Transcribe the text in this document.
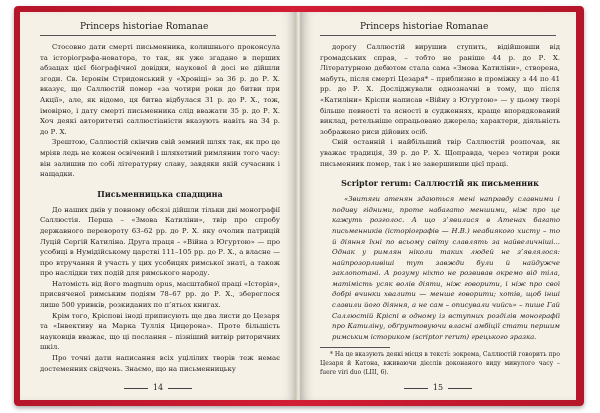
Princeps historiae Romanae

Стосовно дати смерті письменника, колишнього проконсула та історіографа-новатора, то так, як уже згадано в перших абзацах цієї біографічної довідки, наукової й досі не дійшли згоди. Св. Ієронім Стридонський у «Хроніці» за 36 р. до Р. Х. вказує, що Саллюстій помер «за чотири роки до битви при Акції», але, як відомо, ця битва відбулася 31 р. до Р. Х., тож, імовірно, і дату смерті письменника слід вважати 35 р. до Р. Х. Хоч деякі авторитетні саллюстіаністи вказують навіть на 34 р. до Р. Х.

Зрештою, Саллюстій скінчив свій земний шлях так, як про це мріяв ледь не кожен освічений і шляхетний римлянин того часу: він залишив по собі літературну славу, завдяки якій сучасник і нащадки.

Письменницька спадщина

До наших днів у повному обсязі дійшли тільки дві монографії Саллюстія. Перша – «Змова Катиліни», твір про спробу державного перевороту 63–62 рр. до Р. Х. яку очолив патрицій Луцій Сергій Катиліна. Друга праця – «Війна з Югуртою» — про усобиці в Нумідійському царстві 111–105 рр. до Р. Х., а власне — про втручання й участь у цих усобицях римської знаті, а також про наслідки тих подій для римського народу.

Натомість від його magnum opus, масштабної праці «Історія», присвяченої римським подіям 78–67 рр. до Р. Х., збереглося лише 500 уривків, розкиданих по п’ятьох книгах.

Крім того, Кріспові іноді приписують ще два листи до Цезаря та «Інвективу на Марка Туллія Цицерона». Проте більшість науковців вважає, що ці послання – пізніший витвір риторичних шкіл.

Про точні дати написання всіх уцілілих творів теж немає достеменних свідчень. Знаємо, що на письменницьку

14
Princeps historiae Romanae

дорогу Саллюстій вирушив ступить, відійшовши від громадських справ, – тобто не раніше 44 р. до Р. Х. Літературною дебютом стала сама «Змова Катиліни», створена, мабуть, після смерті Цезаря* – приблизно в проміжку з 44 по 41 рр. до Р. Х. Досліджували однозначні в тому, що після «Катиліни» Кріспи написав «Війну з Югуртою» — у цьому творі більше певності та ясності в судженнях, краще впорядкований виклад, ретельніше опрацьовано джерела; характери, діяльність зображено риси дійових осіб.

Свій останній і найбільший твір Саллюстій розпочав, як уважає традиція, 39 р. до Р. Х. Щоправда, через чотири роки письменник помер, так і не завершивши цієї праці.

Scriptor rerum: Саллюстій як письменник

«Звитяги атенян здаються мені направду славними і подиву гідними, проте набагато меншими, ніж про це кажуть розголос. А що з’явилися в Атенах багато письменників (історіографів — Н.В.) неабиякого хисту – то й діяння їхні по всьому світу славлять за найвеличніші... Однак у римлян ніколи таких людей не з’являлося: найпрозорливіші тут завжди були й найдужче заклопотані. А розуму ніхто не розвивав окремо від тіла, матімість усяк волів діяти, ніж говорити, і ніж про свої добрі вчинки хвалити — менше говорити; хотів, щоб інші славили його діяння, а не сам – описували чийсь» – пише Гай Саллюстій Кріспі в одному із вступних розділів монографії про Катиліну, обґрунтовуючи власні амбіції стати першим римським істориком (scriptor rerum) грецького зразка.

* На це вказують деякі місця в тексті: зокрема, Саллюстій говорить про Цезаря й Катона, вживаючи дієслів доконаного виду минулого часу – fuere viri duo (LIII, 6).

15
